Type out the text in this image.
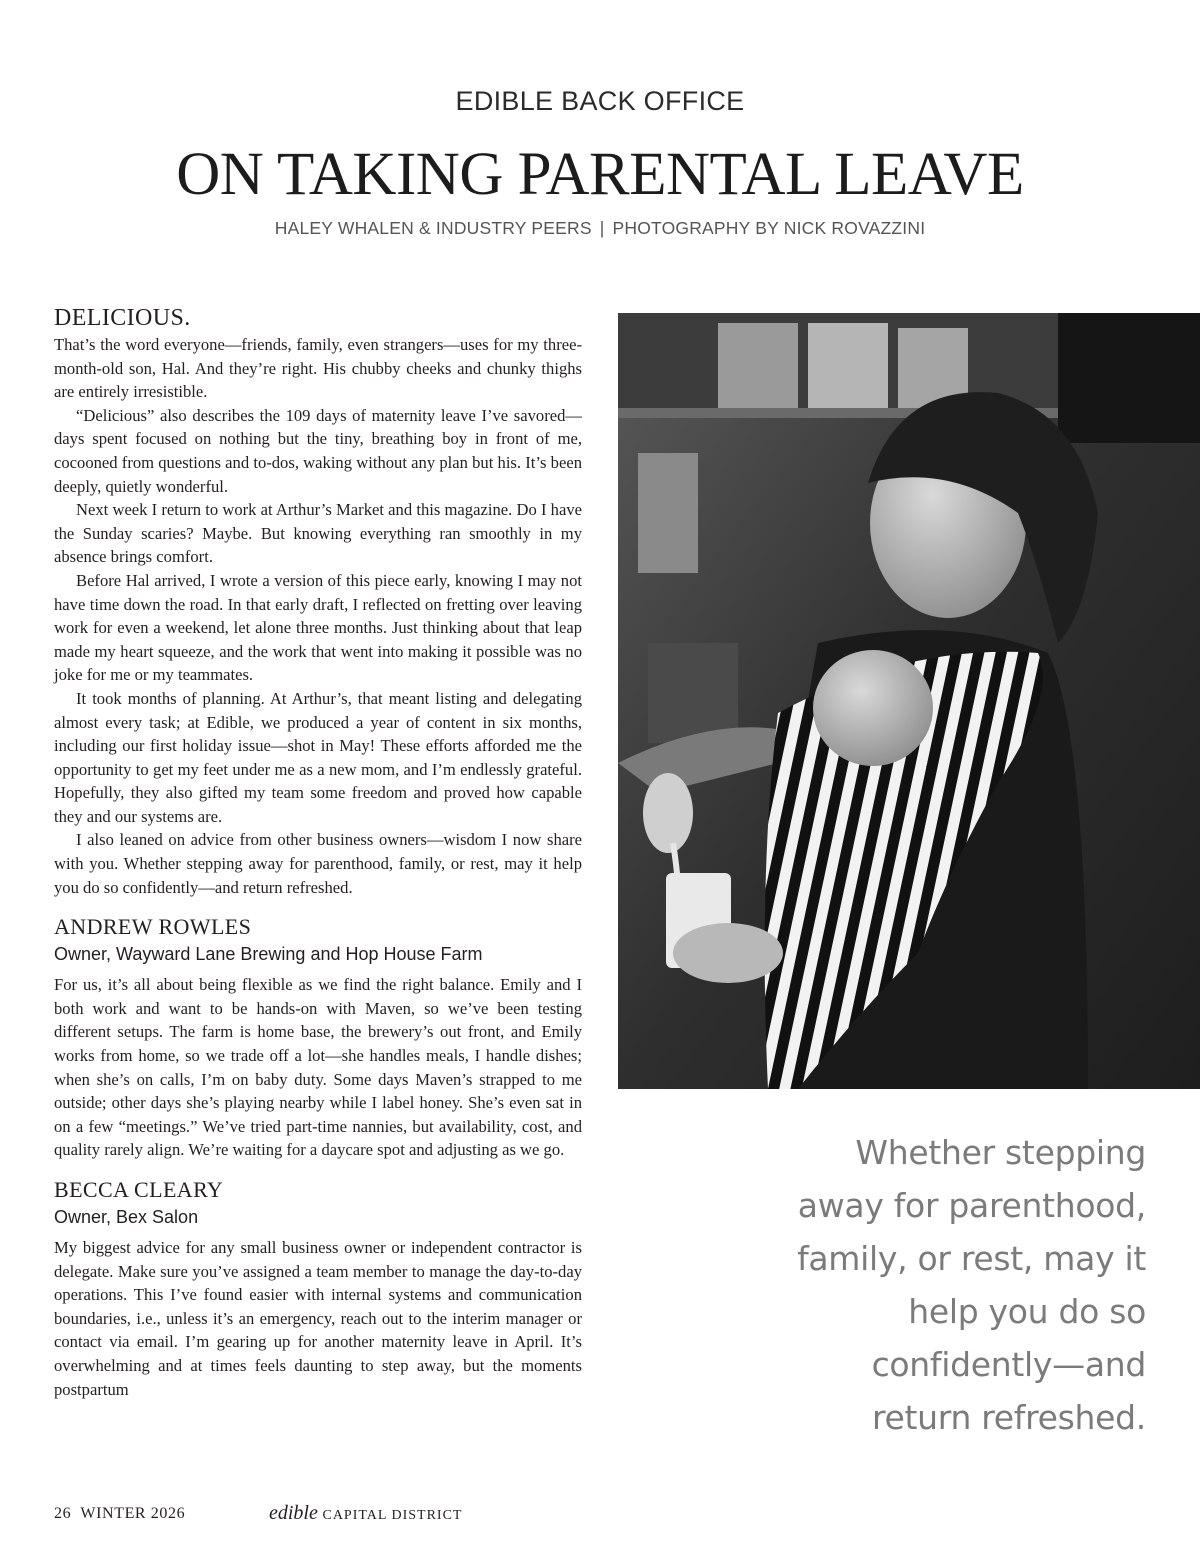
EDIBLE BACK OFFICE
ON TAKING PARENTAL LEAVE
HALEY WHALEN & INDUSTRY PEERS | PHOTOGRAPHY BY NICK ROVAZZINI
DELICIOUS.

That’s the word everyone—friends, family, even strangers—uses for my three-month-old son, Hal. And they’re right. His chubby cheeks and chunky thighs are entirely irresistible.

“Delicious” also describes the 109 days of maternity leave I’ve savored—days spent focused on nothing but the tiny, breathing boy in front of me, cocooned from questions and to-dos, waking without any plan but his. It’s been deeply, quietly wonderful.

Next week I return to work at Arthur’s Market and this magazine. Do I have the Sunday scaries? Maybe. But knowing everything ran smoothly in my absence brings comfort.

Before Hal arrived, I wrote a version of this piece early, knowing I may not have time down the road. In that early draft, I reflected on fretting over leaving work for even a weekend, let alone three months. Just thinking about that leap made my heart squeeze, and the work that went into making it possible was no joke for me or my teammates.

It took months of planning. At Arthur’s, that meant listing and delegating almost every task; at Edible, we produced a year of content in six months, including our first holiday issue—shot in May! These efforts afforded me the opportunity to get my feet under me as a new mom, and I’m endlessly grateful. Hopefully, they also gifted my team some freedom and proved how capable they and our systems are.

I also leaned on advice from other business owners—wisdom I now share with you. Whether stepping away for parenthood, family, or rest, may it help you do so confidently—and return refreshed.

ANDREW ROWLES
Owner, Wayward Lane Brewing and Hop House Farm

For us, it’s all about being flexible as we find the right balance. Emily and I both work and want to be hands-on with Maven, so we’ve been testing different setups. The farm is home base, the brewery’s out front, and Emily works from home, so we trade off a lot—she handles meals, I handle dishes; when she’s on calls, I’m on baby duty. Some days Maven’s strapped to me outside; other days she’s playing nearby while I label honey. She’s even sat in on a few “meetings.” We’ve tried part-time nannies, but availability, cost, and quality rarely align. We’re waiting for a daycare spot and adjusting as we go.

BECCA CLEARY
Owner, Bex Salon

My biggest advice for any small business owner or independent contractor is delegate. Make sure you’ve assigned a team member to manage the day-to-day operations. This I’ve found easier with internal systems and communication boundaries, i.e., unless it’s an emergency, reach out to the interim manager or contact via email. I’m gearing up for another maternity leave in April. It’s overwhelming and at times feels daunting to step away, but the moments postpartum

Whether stepping away for parenthood, family, or rest, may it help you do so confidently—and return refreshed.
26 WINTER 2026	edible CAPITAL DISTRICT
